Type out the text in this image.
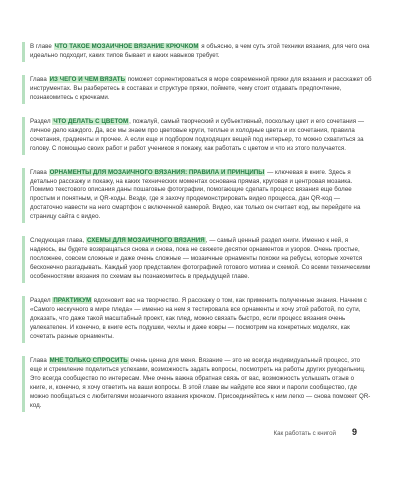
В главе ЧТО ТАКОЕ МОЗАИЧНОЕ ВЯЗАНИЕ КРЮЧКОМ я объясню, в чем суть этой техники вязания, для чего она идеально подходит, каких типов бывает и каких навыков требует.

Глава ИЗ ЧЕГО И ЧЕМ ВЯЗАТЬ поможет сориентироваться в море современной пряжи для вязания и расскажет об инструментах. Вы разберетесь в составах и структуре пряжи, поймете, чему стоит отдавать предпочтение, познакомитесь с крючками.

Раздел ЧТО ДЕЛАТЬ С ЦВЕТОМ, пожалуй, самый творческий и субъективный, поскольку цвет и его сочетания — личное дело каждого. Да, все мы знаем про цветовые круги, теплые и холодные цвета и их сочетания, правила сочетания, градиенты и прочее. А если еще и подбором подходящих вещей под интерьер, то можно схватиться за голову. С помощью своих работ и работ учеников я покажу, как работать с цветом и что из этого получается.

Глава ОРНАМЕНТЫ ДЛЯ МОЗАИЧНОГО ВЯЗАНИЯ: ПРАВИЛА И ПРИНЦИПЫ — ключевая в книге. Здесь я детально расскажу и покажу, на каких технических моментах основана прямая, круговая и центровая мозаика. Помимо текстового описания даны пошаговые фотографии, помогающие сделать процесс вязания еще более простым и понятным, и QR-коды. Везде, где я захочу продемонстрировать видео процесса, дан QR-код — достаточно навести на него смартфон с включенной камерой. Видео, как только он считает код, вы перейдете на страницу сайта с видео.

Следующая глава, СХЕМЫ ДЛЯ МОЗАИЧНОГО ВЯЗАНИЯ, — самый ценный раздел книги. Именно к ней, я надеюсь, вы будете возвращаться снова и снова, пока не свяжете десятки орнаментов и узоров. Очень простые, посложнее, совсем сложные и даже очень сложные — мозаичные орнаменты похожи на ребусы, которые хочется бесконечно разгадывать. Каждый узор представлен фотографией готового мотива и схемой. Со всеми техническими особенностями вязания по схемам вы познакомитесь в предыдущей главе.

Раздел ПРАКТИКУМ вдохновит вас на творчество. Я расскажу о том, как применить полученные знания. Начнем с «Самого нескучного в мире пледа» — именно на нем я тестировала все орнаменты и хочу этой работой, по сути, доказать, что даже такой масштабный проект, как плед, можно связать быстро, если процесс вязания очень увлекателен. И конечно, в книге есть подушки, чехлы и даже ковры — посмотрим на конкретных моделях, как сочетать разные орнаменты.

Глава МНЕ ТОЛЬКО СПРОСИТЬ очень ценна для меня. Вязание — это не всегда индивидуальный процесс, это еще и стремление поделиться успехами, возможность задать вопросы, посмотреть на работы других рукодельниц. Это всегда сообщество по интересам. Мне очень важна обратная связь от вас, возможность услышать отзыв о книге, и, конечно, я хочу ответить на ваши вопросы. В этой главе вы найдете все явки и пароли сообщество, где можно пообщаться с любителями мозаичного вязания крючком. Присоединяйтесь к ним легко — снова поможет QR-код.

Как работать с книгой 9
